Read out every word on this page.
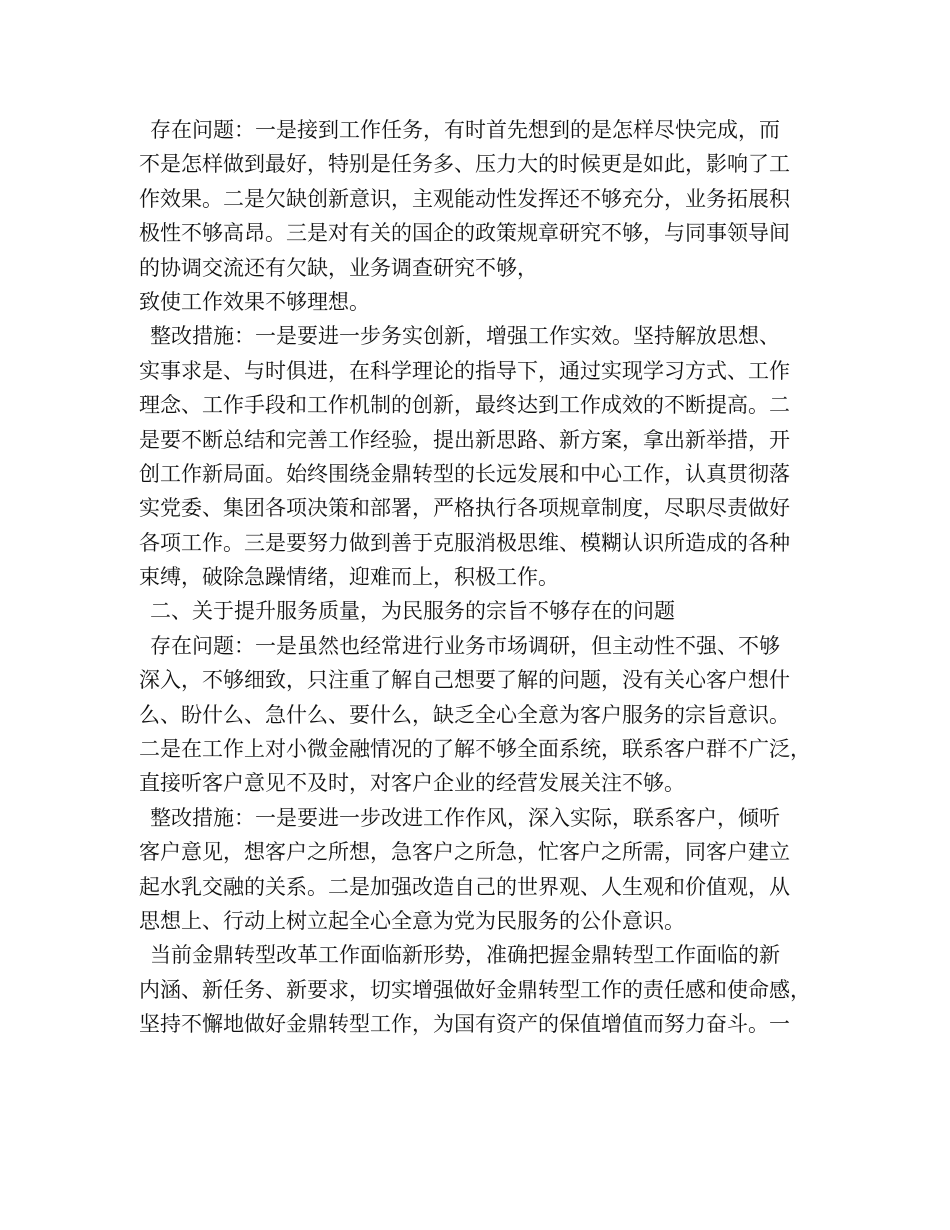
存在问题：一是接到工作任务，有时首先想到的是怎样尽快完成，而
不是怎样做到最好，特别是任务多、压力大的时候更是如此，影响了工
作效果。二是欠缺创新意识，主观能动性发挥还不够充分，业务拓展积
极性不够高昂。三是对有关的国企的政策规章研究不够，与同事领导间
的协调交流还有欠缺，业务调查研究不够，
致使工作效果不够理想。
整改措施：一是要进一步务实创新，增强工作实效。坚持解放思想、
实事求是、与时俱进，在科学理论的指导下，通过实现学习方式、工作
理念、工作手段和工作机制的创新，最终达到工作成效的不断提高。二
是要不断总结和完善工作经验，提出新思路、新方案，拿出新举措，开
创工作新局面。始终围绕金鼎转型的长远发展和中心工作，认真贯彻落
实党委、集团各项决策和部署，严格执行各项规章制度，尽职尽责做好
各项工作。三是要努力做到善于克服消极思维、模糊认识所造成的各种
束缚，破除急躁情绪，迎难而上，积极工作。
二、关于提升服务质量，为民服务的宗旨不够存在的问题
存在问题：一是虽然也经常进行业务市场调研，但主动性不强、不够
深入，不够细致，只注重了解自己想要了解的问题，没有关心客户想什
么、盼什么、急什么、要什么，缺乏全心全意为客户服务的宗旨意识。
二是在工作上对小微金融情况的了解不够全面系统，联系客户群不广泛，
直接听客户意见不及时，对客户企业的经营发展关注不够。
整改措施：一是要进一步改进工作作风，深入实际，联系客户，倾听
客户意见，想客户之所想，急客户之所急，忙客户之所需，同客户建立
起水乳交融的关系。二是加强改造自己的世界观、人生观和价值观，从
思想上、行动上树立起全心全意为党为民服务的公仆意识。
当前金鼎转型改革工作面临新形势，准确把握金鼎转型工作面临的新
内涵、新任务、新要求，切实增强做好金鼎转型工作的责任感和使命感，
坚持不懈地做好金鼎转型工作，为国有资产的保值增值而努力奋斗。一
